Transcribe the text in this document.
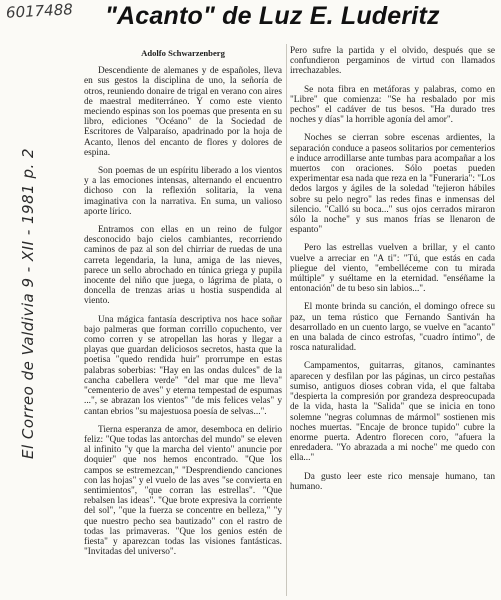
6017488 "Acanto" de Luz E. Luderitz
El Correo de Valdivia 9 - XII - 1981 p. 2
Adolfo Schwarzenberg

Descendiente de alemanes y de españoles, lleva en sus gestos la disciplina de uno, la señoría de otros, reuniendo donaire de trigal en verano con aires de maestral mediterráneo. Y como este viento meciendo espinas son los poemas que presenta en su libro, ediciones "Océano" de la Sociedad de Escritores de Valparaíso, apadrinado por la hoja de Acanto, llenos del encanto de flores y dolores de espina.

Son poemas de un espíritu liberado a los vientos y a las emociones intensas, alternando el encuentro dichoso con la reflexión solitaria, la vena imaginativa con la narrativa. En suma, un valioso aporte lírico.

Entramos con ellas en un reino de fulgor desconocido bajo cielos cambiantes, recorriendo caminos de paz al son del chirriar de ruedas de una carreta legendaria, la luna, amiga de las nieves, parece un sello abrochado en túnica griega y pupila inocente del niño que juega, o lágrima de plata, o doncella de trenzas arias u hostia suspendida al viento.

Una mágica fantasía descriptiva nos hace soñar bajo palmeras que forman corrillo copuchento, ver como corren y se atropellan las horas y llegar a playas que guardan deliciosos secretos, hasta que la poetisa "quedo rendida huir" prorrumpe en estas palabras soberbias: "Hay en las ondas dulces" de la cancha cabellera verde" "del mar que me lleva" "cementerio de aves" y eterna tempestad de espumas ...", se abrazan los vientos" "de mis felices velas" y cantan ebrios "su majestuosa poesía de selvas...".

Tierna esperanza de amor, desemboca en delirio feliz: "Que todas las antorchas del mundo" se eleven al infinito "y que la marcha del viento" anuncie por doquier" que nos hemos encontrado. "Que los campos se estremezcan," "Desprendiendo canciones con las hojas" y el vuelo de las aves "se convierta en sentimientos", "que corran las estrellas". "Que rebalsen las ideas". "Que brote expresiva la corriente del sol", "que la fuerza se concentre en belleza," "y que nuestro pecho sea bautizado" con el rastro de todas las primaveras. "Que los genios estén de fiesta" y aparezcan todas las visiones fantásticas. "Invitadas del universo".

Pero sufre la partida y el olvido, después que se confundieron pergaminos de virtud con llamados irrechazables.

Se nota fibra en metáforas y palabras, como en "Libre" que comienza: "Se ha resbalado por mis pechos" el cadáver de tus besos. "Ha durado tres noches y días" la horrible agonía del amor".

Noches se cierran sobre escenas ardientes, la separación conduce a paseos solitarios por cementerios e induce arrodillarse ante tumbas para acompañar a los muertos con oraciones. Sólo poetas pueden experimentar esa nada que reza en la "Funeraria": "Los dedos largos y ágiles de la soledad "tejieron hábiles sobre su pelo negro" las redes finas e inmensas del silencio. "Calló su boca..." sus ojos cerrados miraron sólo la noche" y sus manos frías se llenaron de espanto"

Pero las estrellas vuelven a brillar, y el canto vuelve a arreciar en "A ti": "Tú, que estás en cada pliegue del viento, "embelléceme con tu mirada múltiple" y suéltame en la eternidad. "enséñame la entonación" de tu beso sin labios...".

El monte brinda su canción, el domingo ofrece su paz, un tema rústico que Fernando Santiván ha desarrollado en un cuento largo, se vuelve en "acanto" en una balada de cinco estrofas, "cuadro íntimo", de rosca naturalidad.

Campamentos, guitarras, gitanos, caminantes aparecen y desfilan por las páginas, un circo pestañas sumiso, antiguos dioses cobran vida, el que faltaba "despierta la compresión por grandeza despreocupada de la vida, hasta la "Salida" que se inicia en tono solemne "negras columnas de mármol" sostienen mis noches muertas. "Encaje de bronce tupido" cubre la enorme puerta. Adentro florecen coro, "afuera la enredadera. "Yo abrazada a mi noche" me quedo con ella..."

Da gusto leer este rico mensaje humano, tan humano.
